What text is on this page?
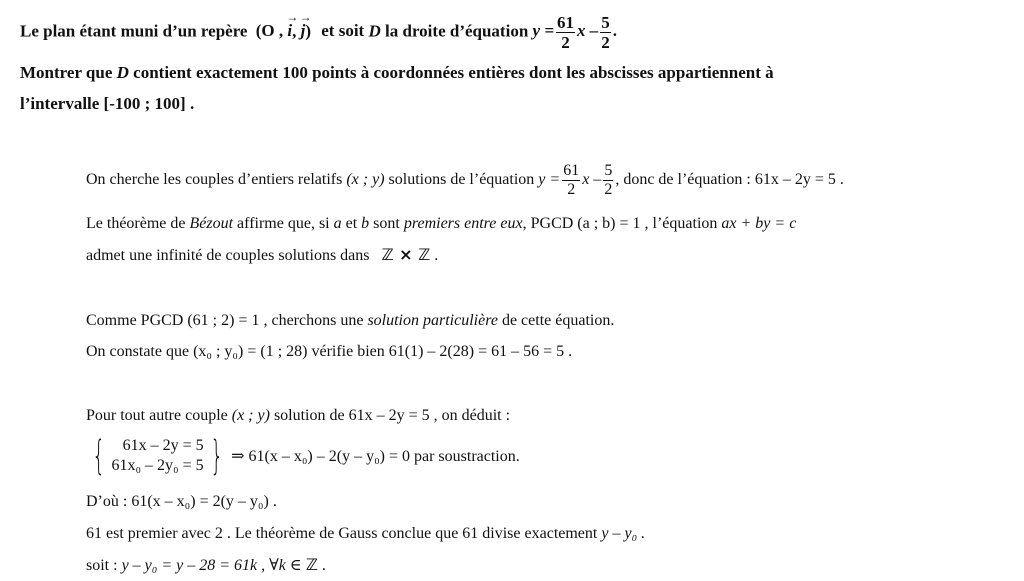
Le plan étant muni d’un repère (O , → i, → j) et soit D la droite d’équation $y = \frac{61}{2}$ x – $\frac{5}{2}$ .
Montrer que D contient exactement 100 points à coordonnées entières dont les abscisses appartiennent à
l’intervalle [-100 ; 100] .
On cherche les couples d’entiers relatifs (x ; y) solutions de l’équation $y = \frac{61}{2}$ x – $\frac{5}{2}$ , donc de l’équation : 61x – 2y = 5 .
Le théorème de Bézout affirme que, si a et b sont premiers entre eux, PGCD (a ; b) = 1 , l’équation ax + by = c
admet une infinité de couples solutions dans ℤ × ℤ .
Comme PGCD (61 ; 2) = 1 , cherchons une solution particulière de cette équation.
On constate que (x₀ ; y₀) = (1 ; 28) vérifie bien 61(1) – 2(28) = 61 – 56 = 5 .
Pour tout autre couple (x ; y) solution de 61x – 2y = 5 , on déduit :
{	61x – 2y = 5
61x₀ – 2y₀ = 5 } ⇒ 61(x – x₀) – 2(y – y₀) = 0 par soustraction.
D’où : 61(x – x₀) = 2(y – y₀) .
61 est premier avec 2 . Le théorème de Gauss conclue que 61 divise exactement y – y₀ .
soit : y – y₀ = y – 28 = 61k , ∀k ∈ ℤ .
